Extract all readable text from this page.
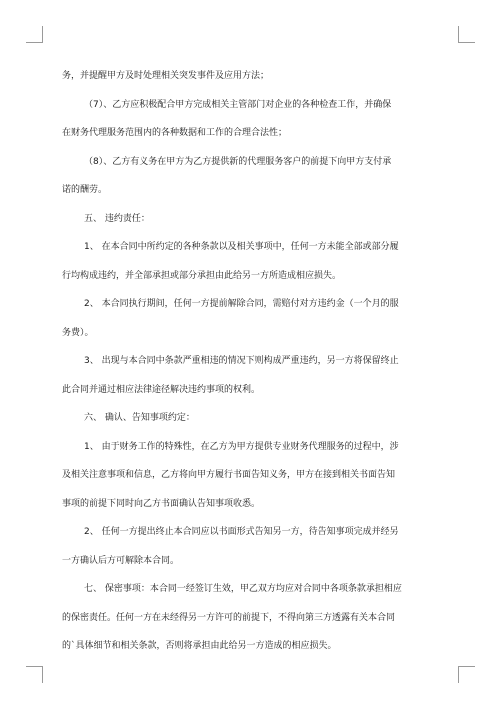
务，并提醒甲方及时处理相关突发事件及应用方法；
（7）、乙方应积极配合甲方完成相关主管部门对企业的各种检查工作，并确保
在财务代理服务范围内的各种数据和工作的合理合法性；
（8）、乙方有义务在甲方为乙方提供新的代理服务客户的前提下向甲方支付承
诺的酬劳。
五、 违约责任：
1、 在本合同中所约定的各种条款以及相关事项中，任何一方未能全部或部分履
行均构成违约，并全部承担或部分承担由此给另一方所造成相应损失。
2、 本合同执行期间，任何一方提前解除合同，需赔付对方违约金（一个月的服
务费）。
3、 出现与本合同中条款严重相违的情况下则构成严重违约，另一方将保留终止
此合同并通过相应法律途径解决违约事项的权利。
六、 确认、告知事项约定：
1、 由于财务工作的特殊性，在乙方为甲方提供专业财务代理服务的过程中，涉
及相关注意事项和信息，乙方将向甲方履行书面告知义务，甲方在接到相关书面告知
事项的前提下同时向乙方书面确认告知事项收悉。
2、 任何一方提出终止本合同应以书面形式告知另一方，待告知事项完成并经另
一方确认后方可解除本合同。
七、 保密事项：本合同一经签订生效，甲乙双方均应对合同中各项条款承担相应
的保密责任。任何一方在未经得另一方许可的前提下，不得向第三方透露有关本合同
的`具体细节和相关条款，否则将承担由此给另一方造成的相应损失。
